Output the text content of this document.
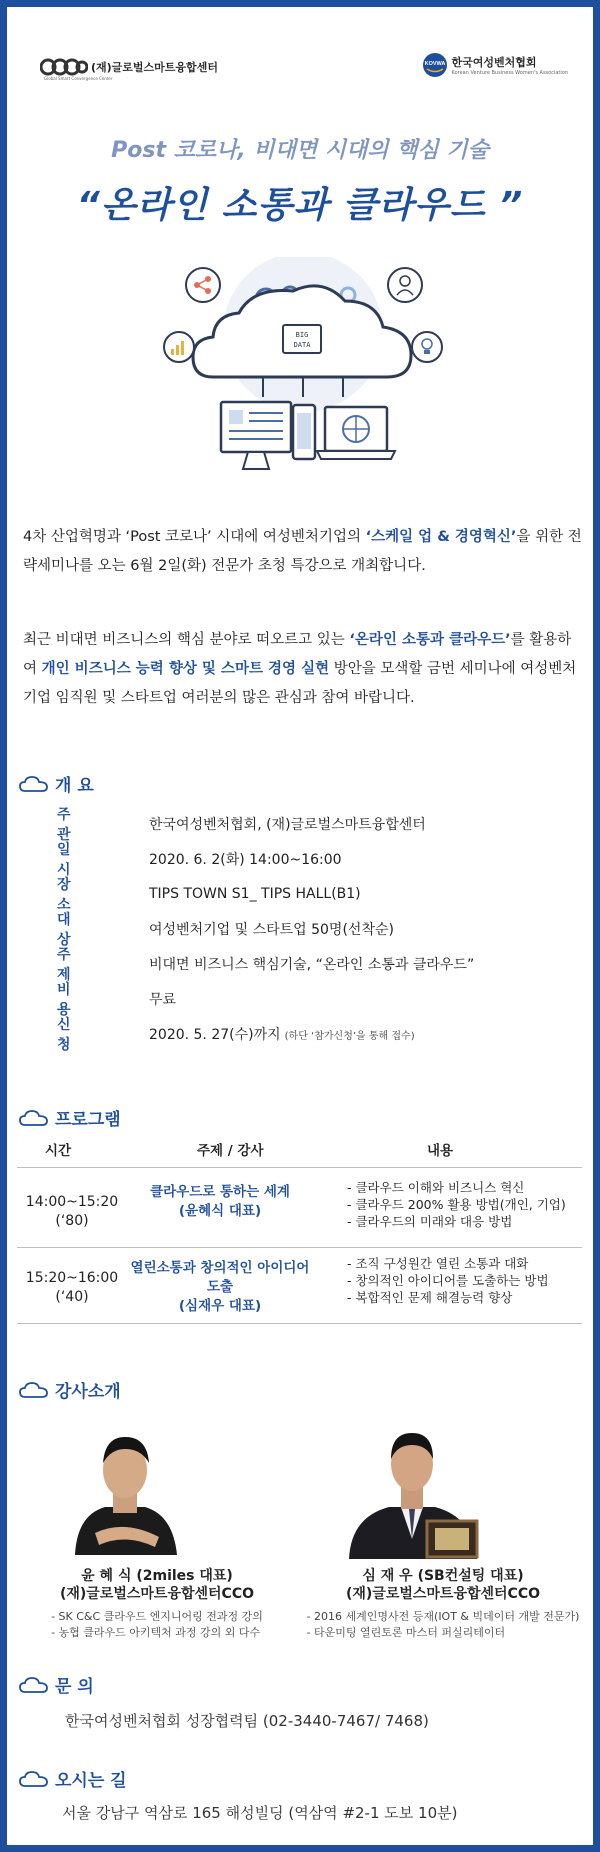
(재)글로벌스마트융합센터
Global Smart Convergence Center
KOVWA 한국여성벤처협회
Korean Venture Business Women's Association
Post 코로나, 비대면 시대의 핵심 기술
“온라인 소통과 클라우드 ”
BIG
DATA
4차 산업혁명과 ‘Post 코로나’ 시대에 여성벤처기업의 ‘스케일 업 & 경영혁신’을 위한 전략세미나를 오는 6월 2일(화) 전문가 초청 특강으로 개최합니다.
최근 비대면 비즈니스의 핵심 분야로 떠오르고 있는 ‘온라인 소통과 클라우드’를 활용하여 개인 비즈니스 능력 향상 및 스마트 경영 실현 방안을 모색할 금번 세미나에 여성벤처기업 임직원 및 스타트업 여러분의 많은 관심과 참여 바랍니다.
개 요
주관
한국여성벤처협회, (재)글로벌스마트융합센터
일시
2020. 6. 2(화) 14:00~16:00
장소
TIPS TOWN S1_ TIPS HALL(B1)
대상
여성벤처기업 및 스타트업 50명(선착순)
주제
비대면 비즈니스 핵심기술, “온라인 소통과 클라우드”
비용
무료
신청
2020. 5. 27(수)까지 (하단 ‘참가신청’을 통해 접수)
프로그램
시간	주제 / 강사	내용
14:00~15:20
(‘80)
클라우드로 통하는 세계
(윤혜식 대표)
- 클라우드 이해와 비즈니스 혁신
- 클라우드 200% 활용 방법(개인, 기업)
- 클라우드의 미래와 대응 방법
15:20~16:00
(‘40)
열린소통과 창의적인 아이디어 도출
(심재우 대표)
- 조직 구성원간 열린 소통과 대화
- 창의적인 아이디어를 도출하는 방법
- 복합적인 문제 해결능력 향상
강사소개
윤 혜 식 (2miles 대표)
(재)글로벌스마트융합센터CCO
- SK C&C 클라우드 엔지니어링 전과정 강의
- 농협 클라우드 아키텍처 과정 강의 외 다수
심 재 우 (SB컨설팅 대표)
(재)글로벌스마트융합센터CCO
- 2016 세계인명사전 등재(IOT & 빅데이터 개발 전문가)
- 타운미팅 열린토론 마스터 퍼실리테이터
문 의
한국여성벤처협회 성장협력팀 (02-3440-7467/ 7468)
오시는 길
서울 강남구 역삼로 165 해성빌딩 (역삼역 #2-1 도보 10분)
